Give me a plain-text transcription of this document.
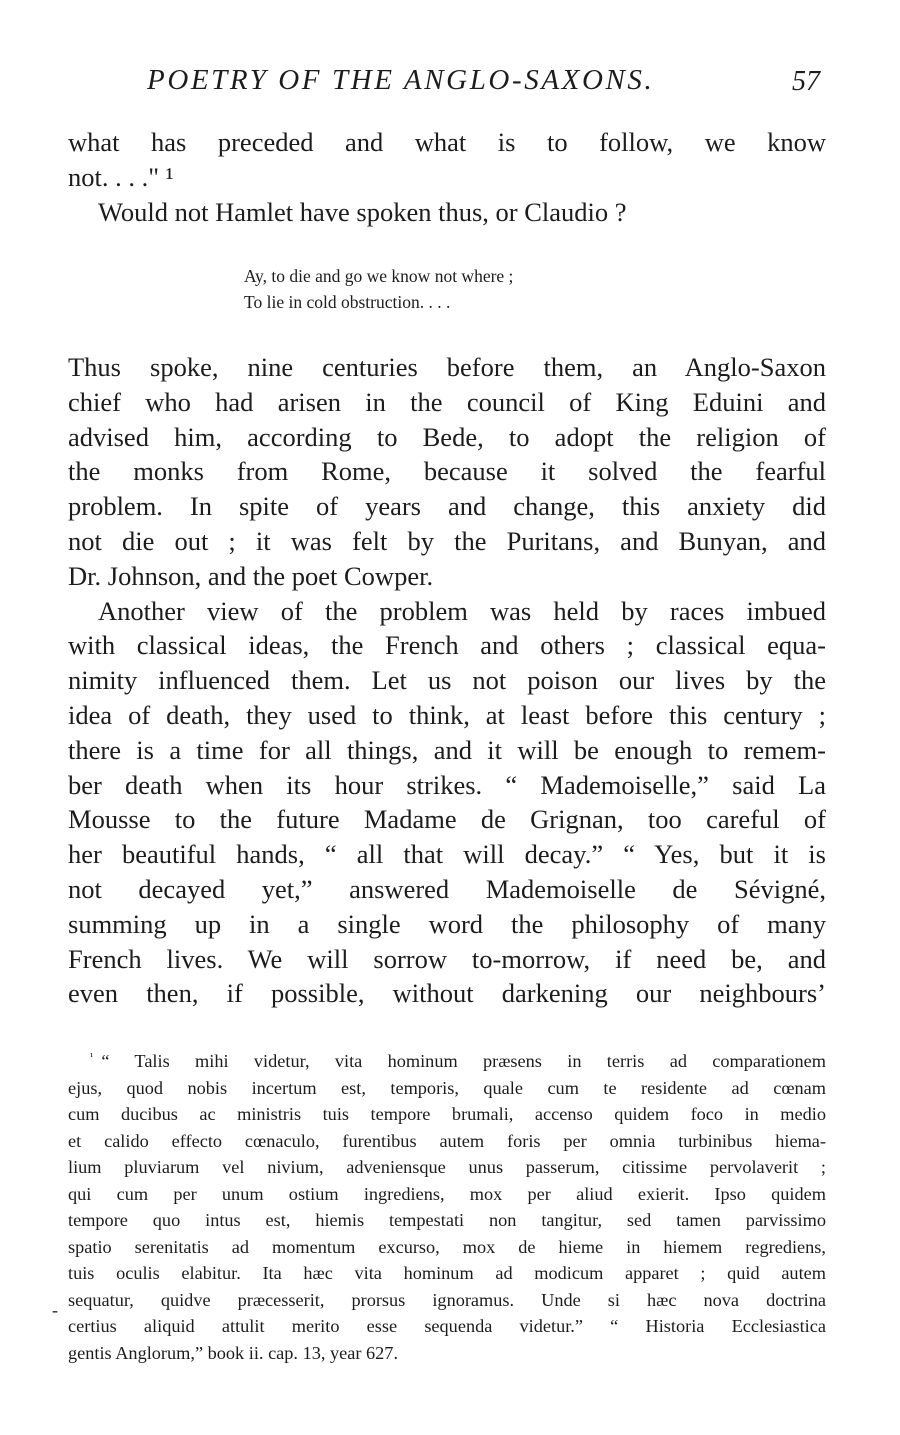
POETRY OF THE ANGLO-SAXONS.	57
what has preceded and what is to follow, we know
not. . . ." ¹
Would not Hamlet have spoken thus, or Claudio ?
Ay, to die and go we know not where ;
To lie in cold obstruction. . . .
Thus spoke, nine centuries before them, an Anglo-Saxon
chief who had arisen in the council of King Eduini and
advised him, according to Bede, to adopt the religion of
the monks from Rome, because it solved the fearful
problem. In spite of years and change, this anxiety did
not die out ; it was felt by the Puritans, and Bunyan, and
Dr. Johnson, and the poet Cowper.
Another view of the problem was held by races imbued
with classical ideas, the French and others ; classical equa-
nimity influenced them. Let us not poison our lives by the
idea of death, they used to think, at least before this century ;
there is a time for all things, and it will be enough to remem-
ber death when its hour strikes. “ Mademoiselle,” said La
Mousse to the future Madame de Grignan, too careful of
her beautiful hands, “ all that will decay.” “ Yes, but it is
not decayed yet,” answered Mademoiselle de Sévigné,
summing up in a single word the philosophy of many
French lives. We will sorrow to-morrow, if need be, and
even then, if possible, without darkening our neighbours’
$^{^1}$ “ Talis mihi videtur, vita hominum præsens in terris ad comparationem
ejus, quod nobis incertum est, temporis, quale cum te residente ad cœnam
cum ducibus ac ministris tuis tempore brumali, accenso quidem foco in medio
et calido effecto cœnaculo, furentibus autem foris per omnia turbinibus hiema-
lium pluviarum vel nivium, adveniensque unus passerum, citissime pervolaverit ;
qui cum per unum ostium ingrediens, mox per aliud exierit. Ipso quidem
tempore quo intus est, hiemis tempestati non tangitur, sed tamen parvissimo
spatio serenitatis ad momentum excurso, mox de hieme in hiemem regrediens,
tuis oculis elabitur. Ita hæc vita hominum ad modicum apparet ; quid autem
sequatur, quidve præcesserit, prorsus ignoramus. Unde si hæc nova doctrina
certius aliquid attulit merito esse sequenda videtur.” “ Historia Ecclesiastica
gentis Anglorum,” book ii. cap. 13, year 627.
-
